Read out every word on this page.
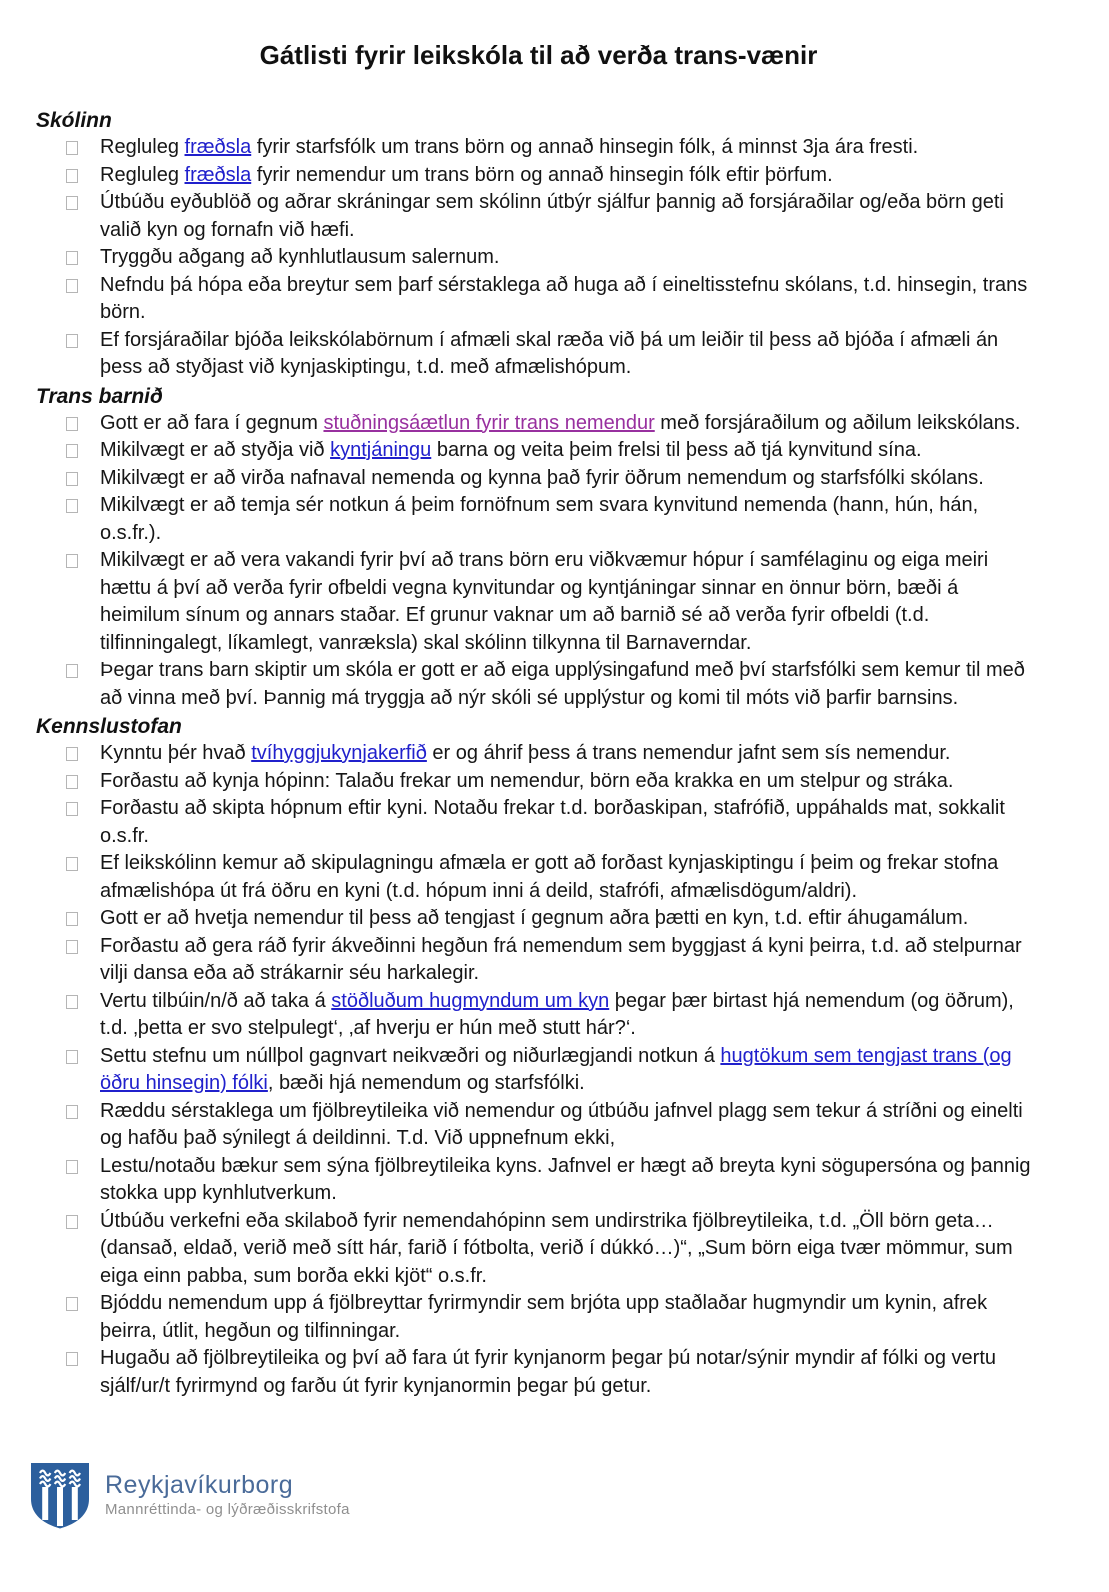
Gátlisti fyrir leikskóla til að verða trans-vænir
Skólinn
Regluleg fræðsla fyrir starfsfólk um trans börn og annað hinsegin fólk, á minnst 3ja ára fresti.
Regluleg fræðsla fyrir nemendur um trans börn og annað hinsegin fólk eftir þörfum.
Útbúðu eyðublöð og aðrar skráningar sem skólinn útbýr sjálfur þannig að forsjáraðilar og/eða börn geti valið kyn og fornafn við hæfi.
Tryggðu aðgang að kynhlutlausum salernum.
Nefndu þá hópa eða breytur sem þarf sérstaklega að huga að í eineltisstefnu skólans, t.d. hinsegin, trans börn.
Ef forsjáraðilar bjóða leikskólabörnum í afmæli skal ræða við þá um leiðir til þess að bjóða í afmæli án þess að styðjast við kynjaskiptingu, t.d. með afmælishópum.
Trans barnið
Gott er að fara í gegnum stuðningsáætlun fyrir trans nemendur með forsjáraðilum og aðilum leikskólans.
Mikilvægt er að styðja við kyntjáningu barna og veita þeim frelsi til þess að tjá kynvitund sína.
Mikilvægt er að virða nafnaval nemenda og kynna það fyrir öðrum nemendum og starfsfólki skólans.
Mikilvægt er að temja sér notkun á þeim fornöfnum sem svara kynvitund nemenda (hann, hún, hán, o.s.fr.).
Mikilvægt er að vera vakandi fyrir því að trans börn eru viðkvæmur hópur í samfélaginu og eiga meiri hættu á því að verða fyrir ofbeldi vegna kynvitundar og kyntjáningar sinnar en önnur börn, bæði á heimilum sínum og annars staðar. Ef grunur vaknar um að barnið sé að verða fyrir ofbeldi (t.d. tilfinningalegt, líkamlegt, vanræksla) skal skólinn tilkynna til Barnaverndar.
Þegar trans barn skiptir um skóla er gott er að eiga upplýsingafund með því starfsfólki sem kemur til með að vinna með því. Þannig má tryggja að nýr skóli sé upplýstur og komi til móts við þarfir barnsins.
Kennslustofan
Kynntu þér hvað tvíhyggjukynjakerfið er og áhrif þess á trans nemendur jafnt sem sís nemendur.
Forðastu að kynja hópinn: Talaðu frekar um nemendur, börn eða krakka en um stelpur og stráka.
Forðastu að skipta hópnum eftir kyni. Notaðu frekar t.d. borðaskipan, stafrófið, uppáhalds mat, sokkalit o.s.fr.
Ef leikskólinn kemur að skipulagningu afmæla er gott að forðast kynjaskiptingu í þeim og frekar stofna afmælishópa út frá öðru en kyni (t.d. hópum inni á deild, stafrófi, afmælisdögum/aldri).
Gott er að hvetja nemendur til þess að tengjast í gegnum aðra þætti en kyn, t.d. eftir áhugamálum.
Forðastu að gera ráð fyrir ákveðinni hegðun frá nemendum sem byggjast á kyni þeirra, t.d. að stelpurnar vilji dansa eða að strákarnir séu harkalegir.
Vertu tilbúin/n/ð að taka á stöðluðum hugmyndum um kyn þegar þær birtast hjá nemendum (og öðrum), t.d. ‚þetta er svo stelpulegt‘, ‚af hverju er hún með stutt hár?‘.
Settu stefnu um núllþol gagnvart neikvæðri og niðurlægjandi notkun á hugtökum sem tengjast trans (og öðru hinsegin) fólki, bæði hjá nemendum og starfsfólki.
Ræddu sérstaklega um fjölbreytileika við nemendur og útbúðu jafnvel plagg sem tekur á stríðni og einelti og hafðu það sýnilegt á deildinni. T.d. Við uppnefnum ekki,
Lestu/notaðu bækur sem sýna fjölbreytileika kyns. Jafnvel er hægt að breyta kyni sögupersóna og þannig stokka upp kynhlutverkum.
Útbúðu verkefni eða skilaboð fyrir nemendahópinn sem undirstrika fjölbreytileika, t.d. „Öll börn geta… (dansað, eldað, verið með sítt hár, farið í fótbolta, verið í dúkkó…)“, „Sum börn eiga tvær mömmur, sum eiga einn pabba, sum borða ekki kjöt“ o.s.fr.
Bjóddu nemendum upp á fjölbreyttar fyrirmyndir sem brjóta upp staðlaðar hugmyndir um kynin, afrek þeirra, útlit, hegðun og tilfinningar.
Hugaðu að fjölbreytileika og því að fara út fyrir kynjanorm þegar þú notar/sýnir myndir af fólki og vertu sjálf/ur/t fyrirmynd og farðu út fyrir kynjanormin þegar þú getur.
Reykjavíkurborg
Mannréttinda- og lýðræðisskrifstofa
